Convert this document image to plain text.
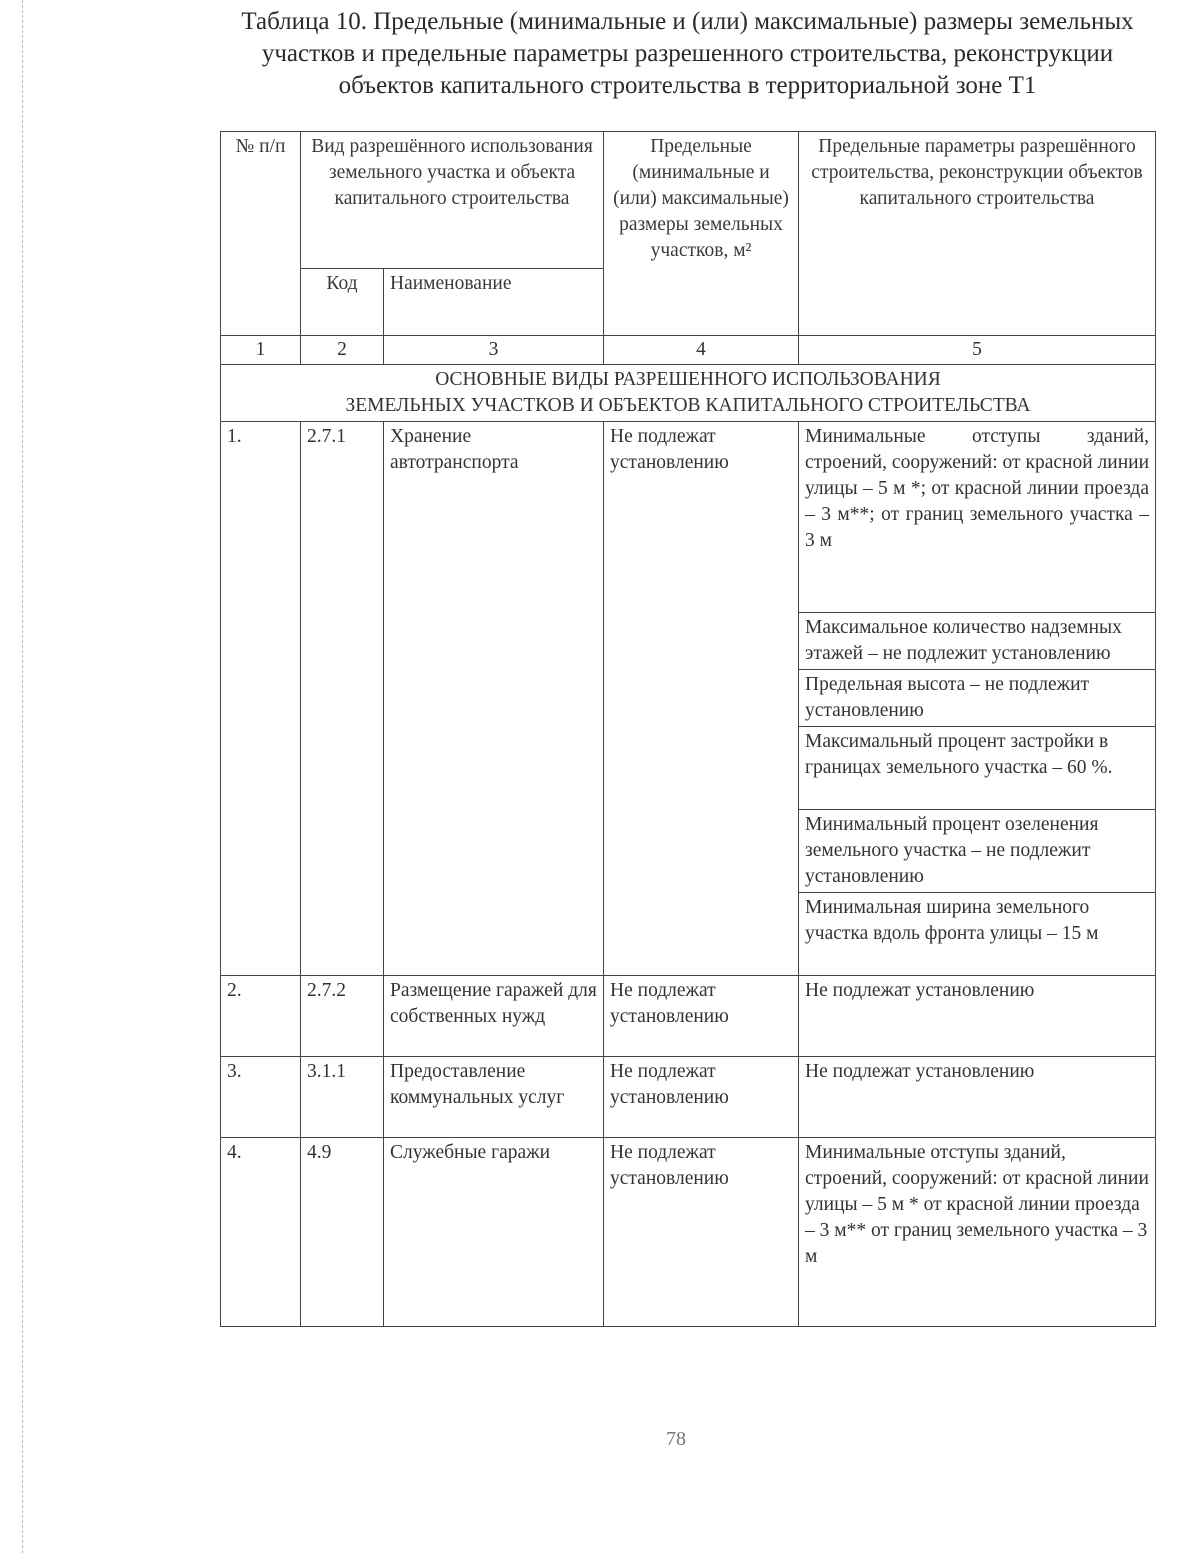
Таблица 10. Предельные (минимальные и (или) максимальные) размеры земельных участков и предельные параметры разрешенного строительства, реконструкции объектов капитального строительства в территориальной зоне Т1
№ п/п	Вид разрешённого использования земельного участка и объекта капитального строительства		Предельные (минимальные и (или) максимальные) размеры земельных участков, м²	Предельные параметры разрешённого строительства, реконструкции объектов капитального строительства
	Код	Наименование		
1	2	3	4	5

ОСНОВНЫЕ ВИДЫ РАЗРЕШЕННОГО ИСПОЛЬЗОВАНИЯ
ЗЕМЕЛЬНЫХ УЧАСТКОВ И ОБЪЕКТОВ КАПИТАЛЬНОГО СТРОИТЕЛЬСТВА				

1.	2.7.1	Хранение автотранспорта	Не подлежат установлению	Минимальные отступы зданий, строений, сооружений: от красной линии улицы – 5 м *; от красной линии проезда – 3 м**; от границ земельного участка – 3 м
				Максимальное количество надземных этажей – не подлежит установлению
				Предельная высота – не подлежит установлению
				Максимальный процент застройки в границах земельного участка – 60 %.
				Минимальный процент озеленения земельного участка – не подлежит установлению
				Минимальная ширина земельного участка вдоль фронта улицы – 15 м
2.	2.7.2	Размещение гаражей для собственных нужд	Не подлежат установлению	Не подлежат установлению
3.	3.1.1	Предоставление коммунальных услуг	Не подлежат установлению	Не подлежат установлению
4.	4.9	Служебные гаражи	Не подлежат установлению	Минимальные отступы зданий, строений, сооружений: от красной линии улицы – 5 м * от красной линии проезда – 3 м** от границ земельного участка – 3 м
78
